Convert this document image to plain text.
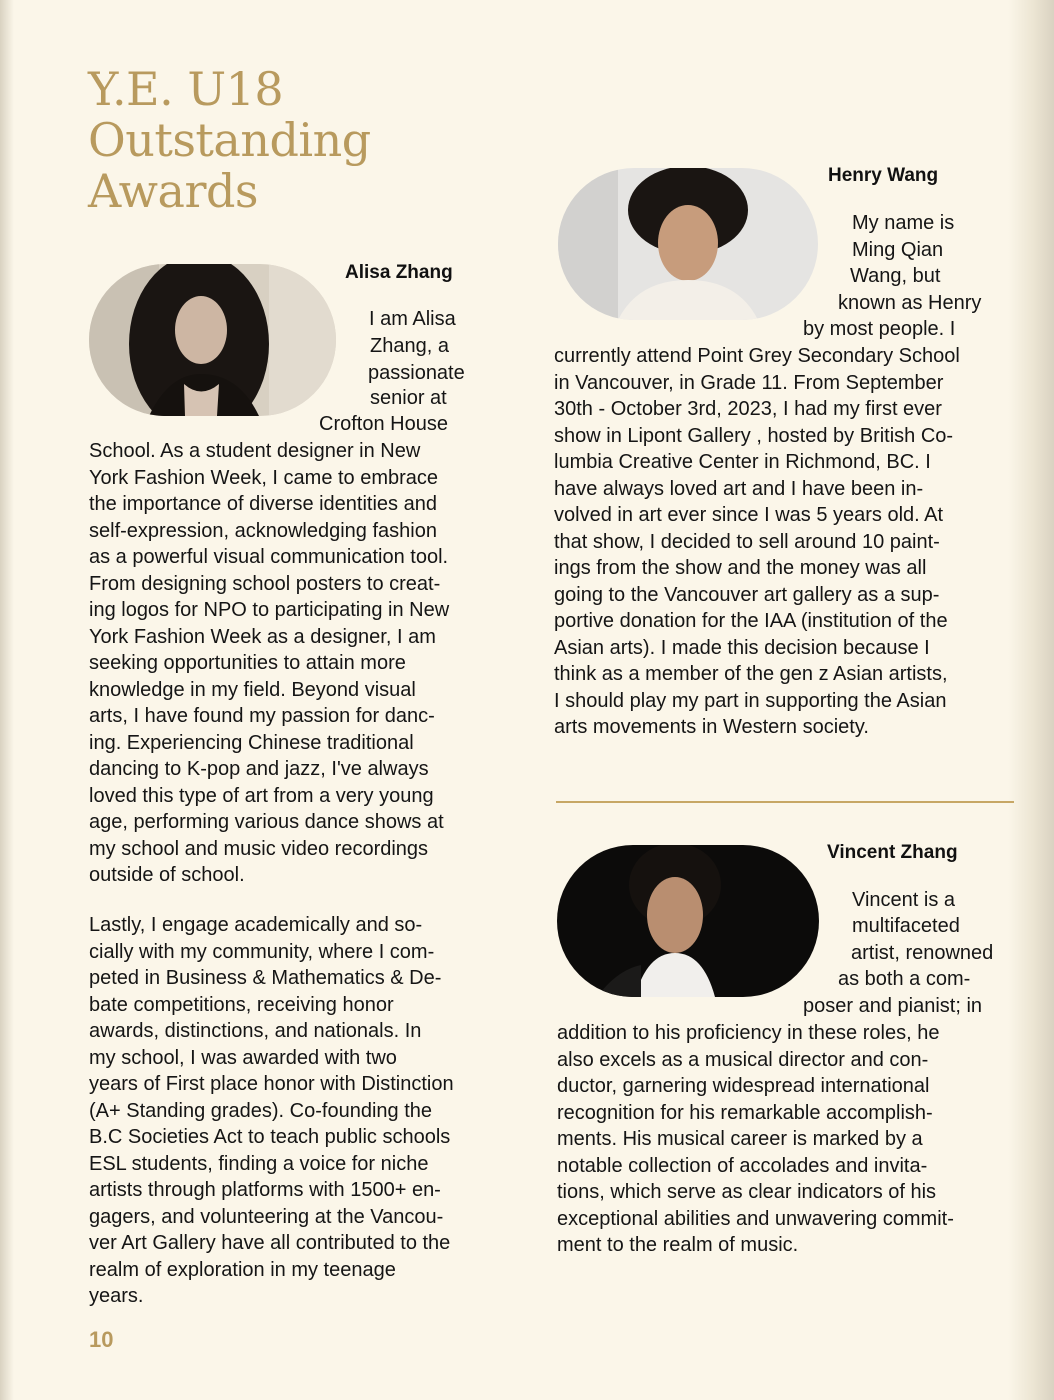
Y.E. U18
Outstanding
Awards
Alisa Zhang
I am Alisa
Zhang, a
passionate
senior at
Crofton House
School. As a student designer in New
York Fashion Week, I came to embrace
the importance of diverse identities and
self-expression, acknowledging fashion
as a powerful visual communication tool.
From designing school posters to creat-
ing logos for NPO to participating in New
York Fashion Week as a designer, I am
seeking opportunities to attain more
knowledge in my field. Beyond visual
arts, I have found my passion for danc-
ing. Experiencing Chinese traditional
dancing to K-pop and jazz, I've always
loved this type of art from a very young
age, performing various dance shows at
my school and music video recordings
outside of school.
Lastly, I engage academically and so-
cially with my community, where I com-
peted in Business & Mathematics & De-
bate competitions, receiving honor
awards, distinctions, and nationals. In
my school, I was awarded with two
years of First place honor with Distinction
(A+ Standing grades). Co-founding the
B.C Societies Act to teach public schools
ESL students, finding a voice for niche
artists through platforms with 1500+ en-
gagers, and volunteering at the Vancou-
ver Art Gallery have all contributed to the
realm of exploration in my teenage
years.
10
Henry Wang
My name is
Ming Qian
Wang, but
known as Henry
by most people. I
currently attend Point Grey Secondary School
in Vancouver, in Grade 11. From September
30th - October 3rd, 2023, I had my first ever
show in Lipont Gallery , hosted by British Co-
lumbia Creative Center in Richmond, BC. I
have always loved art and I have been in-
volved in art ever since I was 5 years old. At
that show, I decided to sell around 10 paint-
ings from the show and the money was all
going to the Vancouver art gallery as a sup-
portive donation for the IAA (institution of the
Asian arts). I made this decision because I
think as a member of the gen z Asian artists,
I should play my part in supporting the Asian
arts movements in Western society.
Vincent Zhang
Vincent is a
multifaceted
artist, renowned
as both a com-
poser and pianist; in
addition to his proficiency in these roles, he
also excels as a musical director and con-
ductor, garnering widespread international
recognition for his remarkable accomplish-
ments. His musical career is marked by a
notable collection of accolades and invita-
tions, which serve as clear indicators of his
exceptional abilities and unwavering commit-
ment to the realm of music.
